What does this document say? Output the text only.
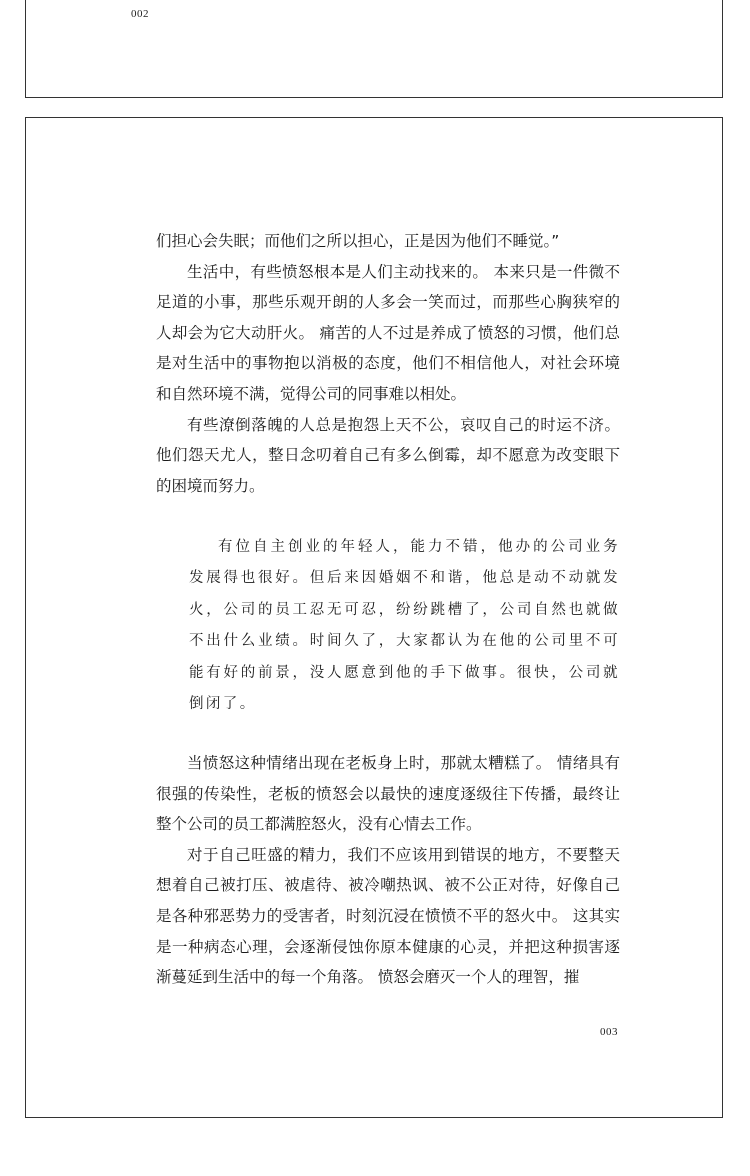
002

们担心会失眠；而他们之所以担心，正是因为他们不睡觉。”

生活中，有些愤怒根本是人们主动找来的。 本来只是一件微不足道的小事，那些乐观开朗的人多会一笑而过，而那些心胸狭窄的人却会为它大动肝火。 痛苦的人不过是养成了愤怒的习惯，他们总是对生活中的事物抱以消极的态度，他们不相信他人，对社会环境和自然环境不满，觉得公司的同事难以相处。

有些潦倒落魄的人总是抱怨上天不公，哀叹自己的时运不济。他们怨天尤人，整日念叨着自己有多么倒霉，却不愿意为改变眼下的困境而努力。

有位自主创业的年轻人，能力不错，他办的公司业务发展得也很好。但后来因婚姻不和谐，他总是动不动就发火，公司的员工忍无可忍，纷纷跳槽了，公司自然也就做不出什么业绩。时间久了，大家都认为在他的公司里不可能有好的前景，没人愿意到他的手下做事。很快，公司就倒闭了。

当愤怒这种情绪出现在老板身上时，那就太糟糕了。 情绪具有很强的传染性，老板的愤怒会以最快的速度逐级往下传播，最终让整个公司的员工都满腔怒火，没有心情去工作。

对于自己旺盛的精力，我们不应该用到错误的地方，不要整天想着自己被打压、被虐待、被冷嘲热讽、被不公正对待，好像自己是各种邪恶势力的受害者，时刻沉浸在愤愤不平的怒火中。 这其实是一种病态心理，会逐渐侵蚀你原本健康的心灵，并把这种损害逐渐蔓延到生活中的每一个角落。 愤怒会磨灭一个人的理智，摧

003
